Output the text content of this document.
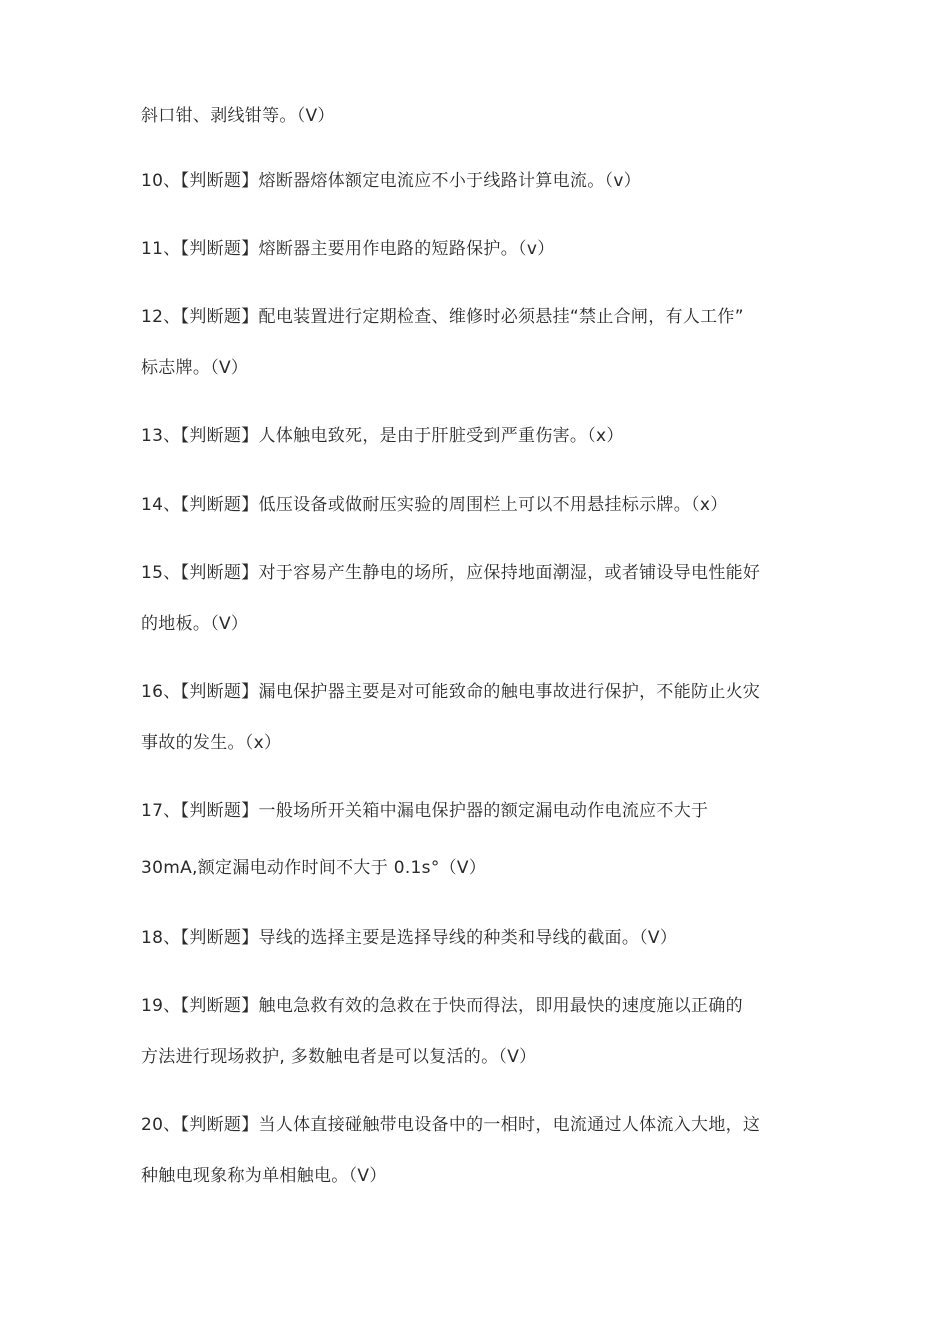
斜口钳、剥线钳等。（V）
10、【判断题】熔断器熔体额定电流应不小于线路计算电流。（v）
11、【判断题】熔断器主要用作电路的短路保护。（v）
12、【判断题】配电装置进行定期检查、维修时必须悬挂“禁止合闸，有人工作”
标志牌。（V）
13、【判断题】人体触电致死，是由于肝脏受到严重伤害。（x）
14、【判断题】低压设备或做耐压实验的周围栏上可以不用悬挂标示牌。（x）
15、【判断题】对于容易产生静电的场所，应保持地面潮湿，或者铺设导电性能好
的地板。（V）
16、【判断题】漏电保护器主要是对可能致命的触电事故进行保护，不能防止火灾
事故的发生。（x）
17、【判断题】一般场所开关箱中漏电保护器的额定漏电动作电流应不大于
30mA,额定漏电动作时间不大于 0.1s°（V）
18、【判断题】导线的选择主要是选择导线的种类和导线的截面。（V）
19、【判断题】触电急救有效的急救在于快而得法，即用最快的速度施以正确的
方法进行现场救护, 多数触电者是可以复活的。（V）
20、【判断题】当人体直接碰触带电设备中的一相时，电流通过人体流入大地，这
种触电现象称为单相触电。（V）
